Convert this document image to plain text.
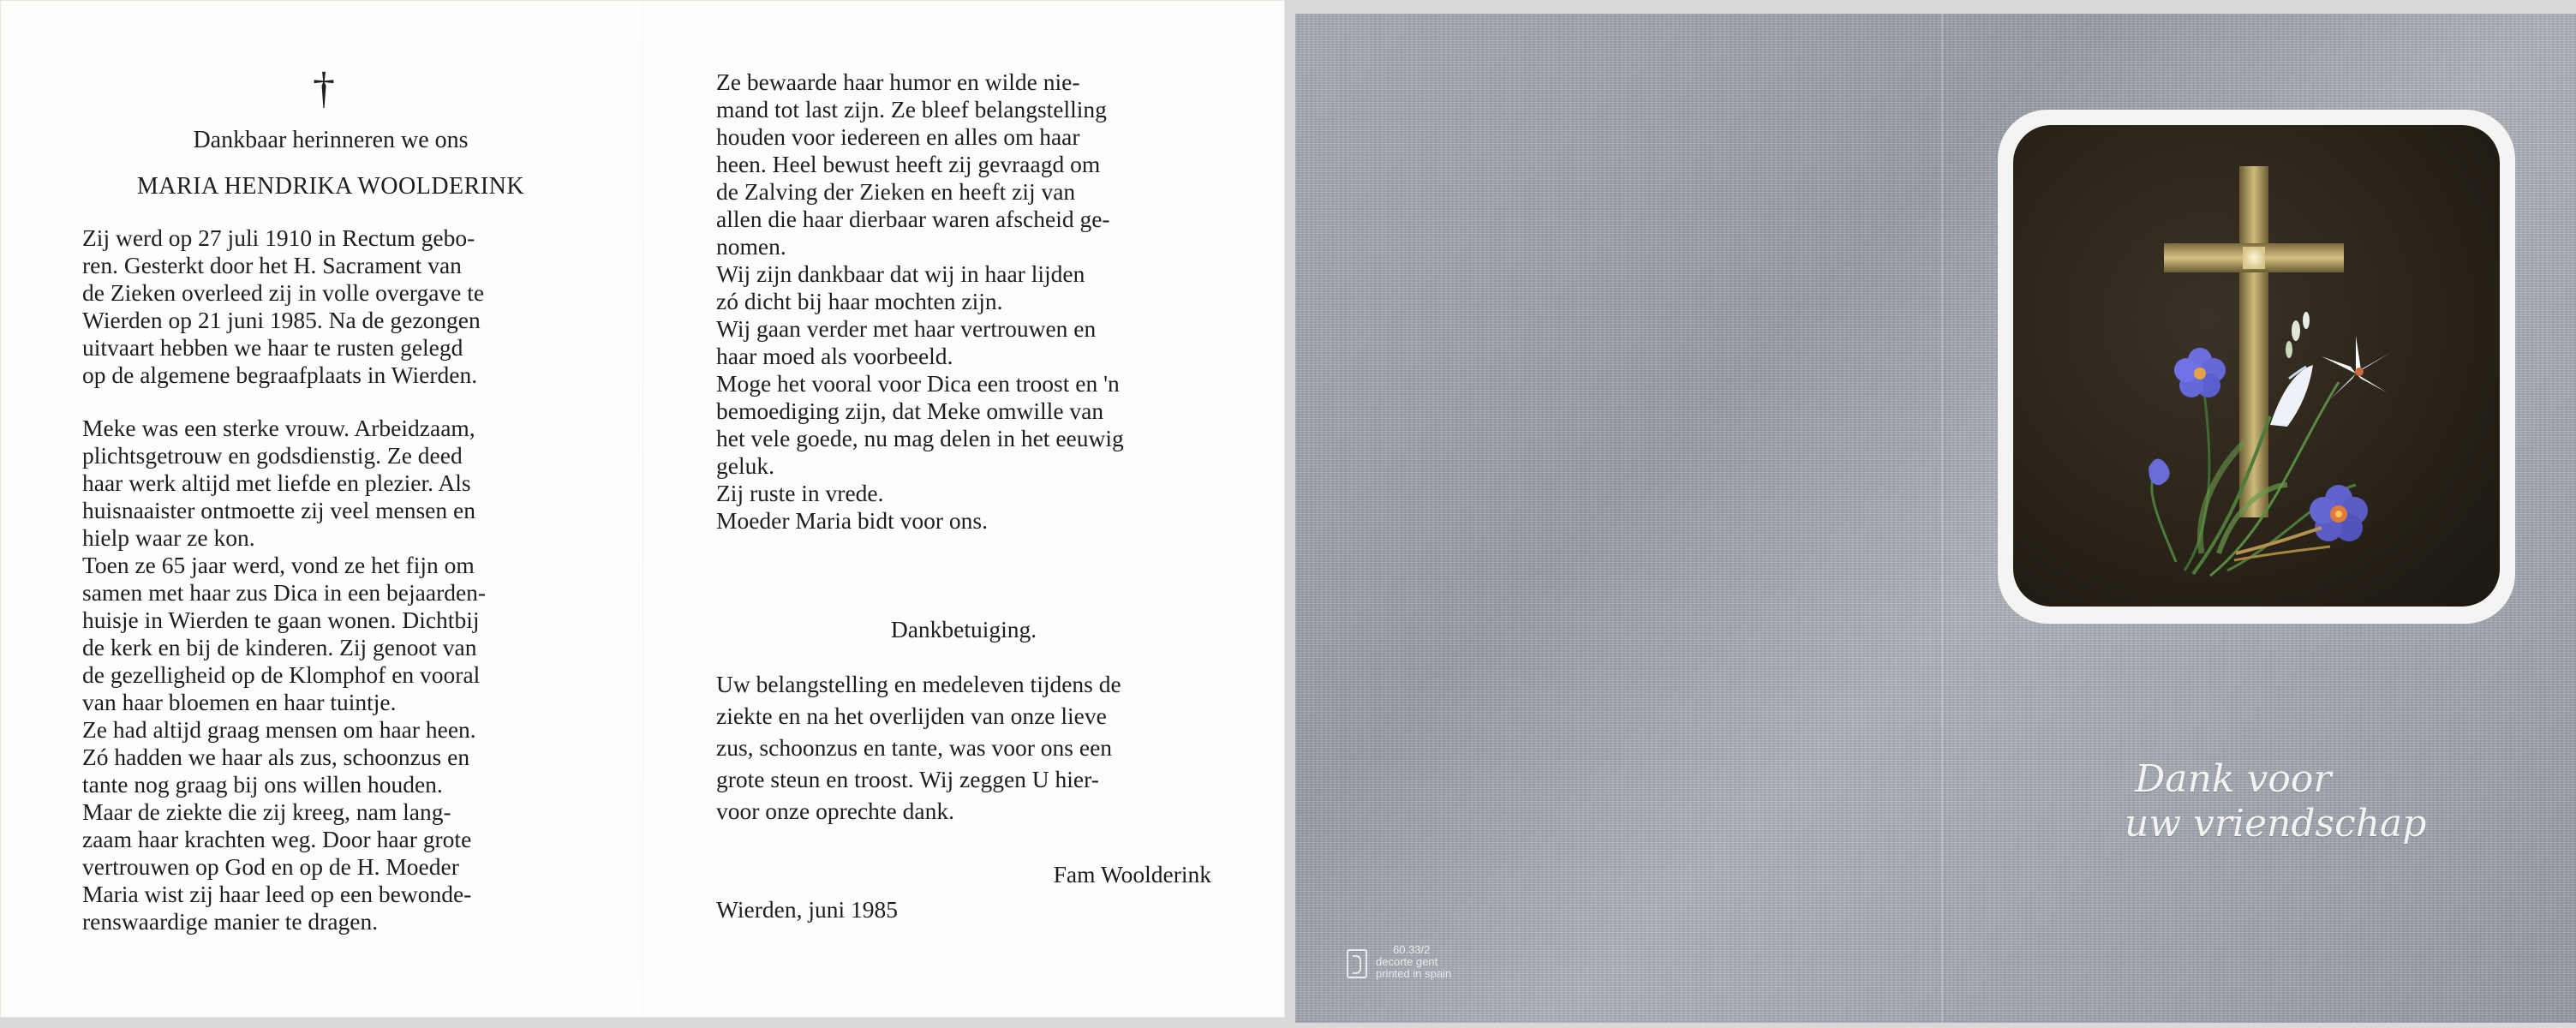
†
Dankbaar herinneren we ons
MARIA HENDRIKA WOOLDERINK

Zij werd op 27 juli 1910 in Rectum gebo-
ren. Gesterkt door het H. Sacrament van
de Zieken overleed zij in volle overgave te
Wierden op 21 juni 1985. Na de gezongen
uitvaart hebben we haar te rusten gelegd
op de algemene begraafplaats in Wierden.

Meke was een sterke vrouw. Arbeidzaam,
plichtsgetrouw en godsdienstig. Ze deed
haar werk altijd met liefde en plezier. Als
huisnaaister ontmoette zij veel mensen en
hielp waar ze kon.
Toen ze 65 jaar werd, vond ze het fijn om
samen met haar zus Dica in een bejaarden-
huisje in Wierden te gaan wonen. Dichtbij
de kerk en bij de kinderen. Zij genoot van
de gezelligheid op de Klomphof en vooral
van haar bloemen en haar tuintje.
Ze had altijd graag mensen om haar heen.
Zó hadden we haar als zus, schoonzus en
tante nog graag bij ons willen houden.
Maar de ziekte die zij kreeg, nam lang-
zaam haar krachten weg. Door haar grote
vertrouwen op God en op de H. Moeder
Maria wist zij haar leed op een bewonde-
renswaardige manier te dragen.

Ze bewaarde haar humor en wilde nie-
mand tot last zijn. Ze bleef belangstelling
houden voor iedereen en alles om haar
heen. Heel bewust heeft zij gevraagd om
de Zalving der Zieken en heeft zij van
allen die haar dierbaar waren afscheid ge-
nomen.
Wij zijn dankbaar dat wij in haar lijden
zó dicht bij haar mochten zijn.
Wij gaan verder met haar vertrouwen en
haar moed als voorbeeld.
Moge het vooral voor Dica een troost en 'n
bemoediging zijn, dat Meke omwille van
het vele goede, nu mag delen in het eeuwig
geluk.
Zij ruste in vrede.
Moeder Maria bidt voor ons.

Dankbetuiging.

Uw belangstelling en medeleven tijdens de
ziekte en na het overlijden van onze lieve
zus, schoonzus en tante, was voor ons een
grote steun en troost. Wij zeggen U hier-
voor onze oprechte dank.

Fam Woolderink
Wierden, juni 1985
Dank voor
uw vriendschap
60.33/2
decorte gent
printed in spain
